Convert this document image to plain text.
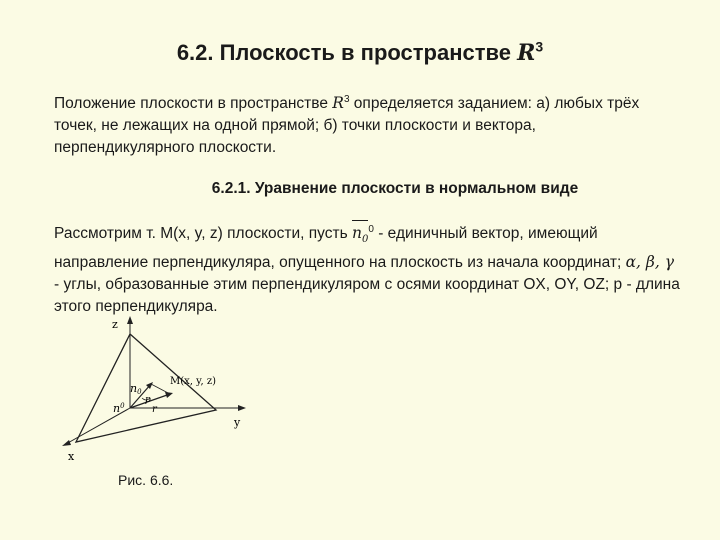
6.2. Плоскость в пространстве $R^3$
Положение плоскости в пространстве $R^3$ определяется заданием: а) любых трёх точек, не лежащих на одной прямой; б) точки плоскости и вектора, перпендикулярного плоскости.
6.2.1. Уравнение плоскости в нормальном виде
Рассмотрим т. M(x, y, z) плоскости, пусть $n_0^0$ - единичный вектор, имеющий направление перпендикуляра, опущенного на плоскость из начала координат; α, β, γ - углы, образованные этим перпендикуляром с осями координат OX, OY, OZ; p - длина этого перпендикуляра.
z
y
x
M(x, y, z)
n0
$n^0$
p
r
Рис. 6.6.
